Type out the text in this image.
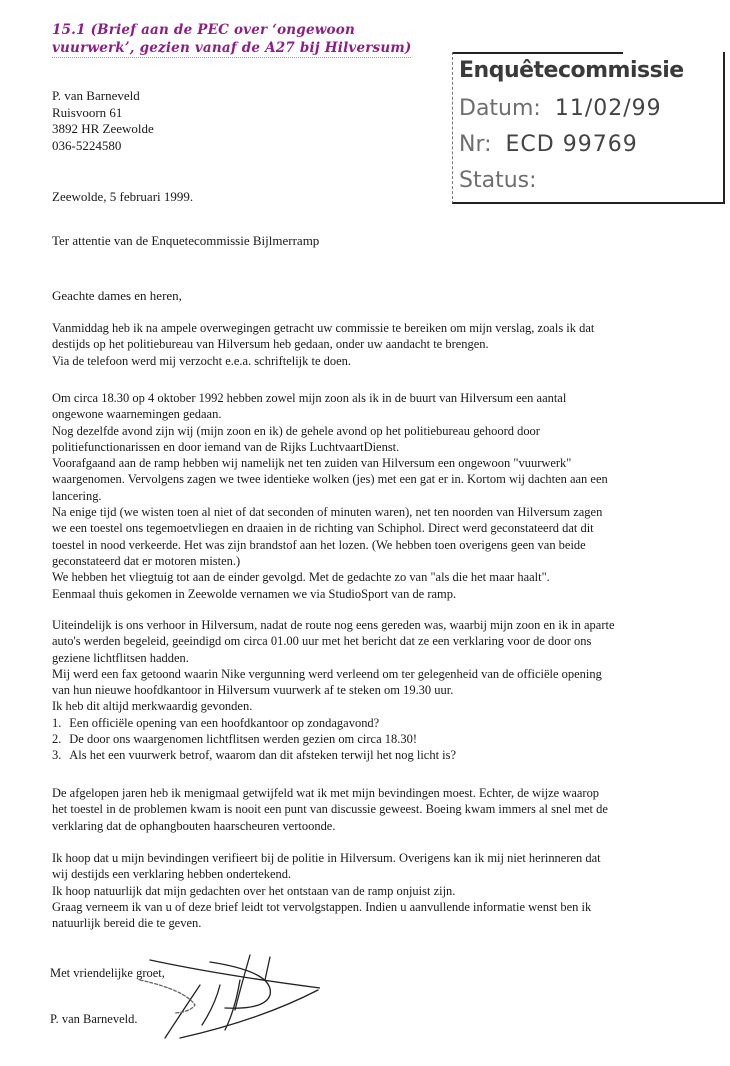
15.1 (Brief aan de PEC over ‘ongewoon
vuurwerk’, gezien vanaf de A27 bij Hilversum)
P. van Barneveld
Ruisvoorn 61
3892 HR Zeewolde
036-5224580
Enquêtecommissie
Datum: 11/02/99
Nr: ECD 99769
Status:
Zeewolde, 5 februari 1999.
Ter attentie van de Enquetecommissie Bijlmerramp
Geachte dames en heren,
Vanmiddag heb ik na ampele overwegingen getracht uw commissie te bereiken om mijn verslag, zoals ik dat
destijds op het politiebureau van Hilversum heb gedaan, onder uw aandacht te brengen.
Via de telefoon werd mij verzocht e.e.a. schriftelijk te doen.
Om circa 18.30 op 4 oktober 1992 hebben zowel mijn zoon als ik in de buurt van Hilversum een aantal
ongewone waarnemingen gedaan.
Nog dezelfde avond zijn wij (mijn zoon en ik) de gehele avond op het politiebureau gehoord door
politiefunctionarissen en door iemand van de Rijks LuchtvaartDienst.
Voorafgaand aan de ramp hebben wij namelijk net ten zuiden van Hilversum een ongewoon "vuurwerk"
waargenomen. Vervolgens zagen we twee identieke wolken (jes) met een gat er in. Kortom wij dachten aan een
lancering.
Na enige tijd (we wisten toen al niet of dat seconden of minuten waren), net ten noorden van Hilversum zagen
we een toestel ons tegemoetvliegen en draaien in de richting van Schiphol. Direct werd geconstateerd dat dit
toestel in nood verkeerde. Het was zijn brandstof aan het lozen. (We hebben toen overigens geen van beide
geconstateerd dat er motoren misten.)
We hebben het vliegtuig tot aan de einder gevolgd. Met de gedachte zo van "als die het maar haalt".
Eenmaal thuis gekomen in Zeewolde vernamen we via StudioSport van de ramp.
Uiteindelijk is ons verhoor in Hilversum, nadat de route nog eens gereden was, waarbij mijn zoon en ik in aparte
auto's werden begeleid, geeindigd om circa 01.00 uur met het bericht dat ze een verklaring voor de door ons
geziene lichtflitsen hadden.
Mij werd een fax getoond waarin Nike vergunning werd verleend om ter gelegenheid van de officiële opening
van hun nieuwe hoofdkantoor in Hilversum vuurwerk af te steken om 19.30 uur.
Ik heb dit altijd merkwaardig gevonden.
1. Een officiële opening van een hoofdkantoor op zondagavond?
2. De door ons waargenomen lichtflitsen werden gezien om circa 18.30!
3. Als het een vuurwerk betrof, waarom dan dit afsteken terwijl het nog licht is?
De afgelopen jaren heb ik menigmaal getwijfeld wat ik met mijn bevindingen moest. Echter, de wijze waarop
het toestel in de problemen kwam is nooit een punt van discussie geweest. Boeing kwam immers al snel met de
verklaring dat de ophangbouten haarscheuren vertoonde.
Ik hoop dat u mijn bevindingen verifieert bij de politie in Hilversum. Overigens kan ik mij niet herinneren dat
wij destijds een verklaring hebben ondertekend.
Ik hoop natuurlijk dat mijn gedachten over het ontstaan van de ramp onjuist zijn.
Graag verneem ik van u of deze brief leidt tot vervolgstappen. Indien u aanvullende informatie wenst ben ik
natuurlijk bereid die te geven.
Met vriendelijke groet,
P. van Barneveld.
